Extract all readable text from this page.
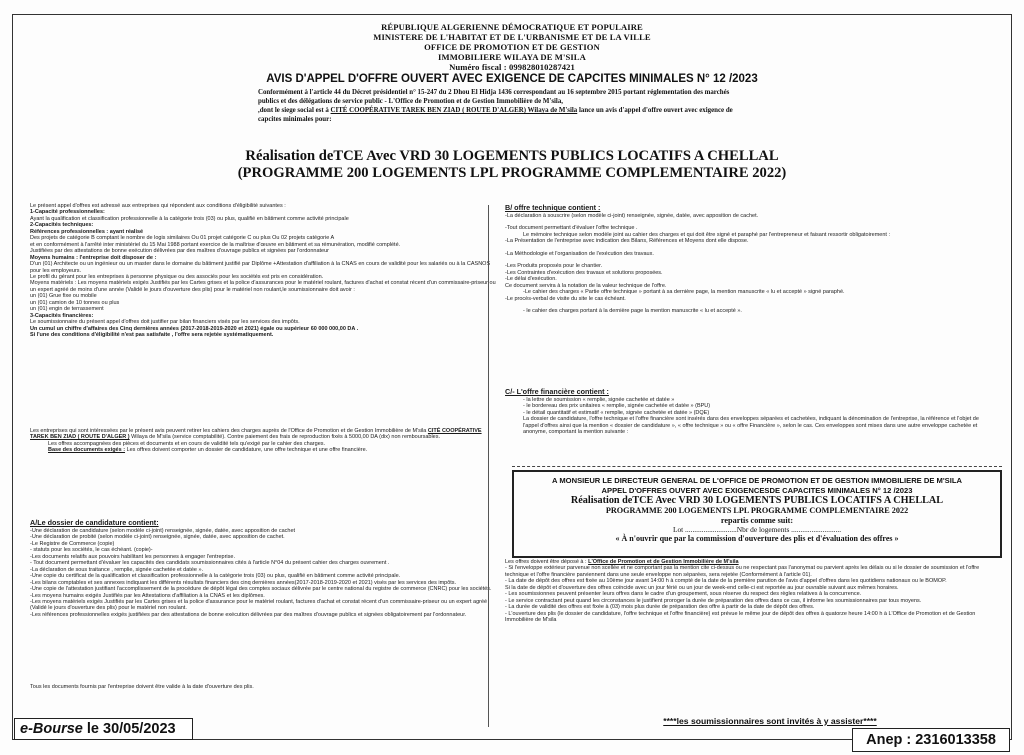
RÉPUBLIQUE ALGERIENNE DÉMOCRATIQUE ET POPULAIRE
MINISTERE DE L'HABITAT ET DE L'URBANISME ET DE LA VILLE
OFFICE DE PROMOTION ET DE GESTION
IMMOBILIERE WILAYA DE M'SILA
Numéro fiscal : 099828010287421
AVIS D'APPEL D'OFFRE OUVERT AVEC EXIGENCE DE CAPCITES MINIMALES N° 12 /2023
Conformément à l'article 44 du Décret présidentiel n° 15-247 du 2 Dhou El Hidja 1436 correspondant au 16 septembre 2015 portant réglementation des marchés publics et des délégations de service public - L'Office de Promotion et de Gestion Immobilière de M'sila,
,dont le siege social est à CITÉ COOPÉRATIVE TAREK BEN ZIAD ( ROUTE D'ALGER) Wilaya de M'sila lance un avis d'appel d'offre ouvert avec exigence de capcites minimales pour:
Réalisation deTCE Avec VRD 30 LOGEMENTS PUBLICS LOCATIFS A CHELLAL
(PROGRAMME 200 LOGEMENTS LPL PROGRAMME COMPLEMENTAIRE 2022)
Le présent appel d'offres est adressé aux entreprises qui répondent aux conditions d'éligibilité suivantes :
1-Capacité professionnelles:
Ayant la qualification et classification professionnelle à la catégorie trois (03) ou plus, qualifié en bâtiment comme activité principale
2-Capacités techniques:
Références professionnelles : ayant réalisé
Des projets de catégorie B comptant le nombre de logis similaires Ou 01 projet catégorie C ou plus Ou 02 projets catégorie A
et en conformément à l'arrêté inter ministériel du 15 Mai 1988 portant exercice de la maîtrise d'œuvre en bâtiment et sa rémunération, modifié complété.
Justifiées par des attestations de bonne exécution délivrées par des maîtres d'ouvrage publics et signées par l'ordonnateur
Moyens humains : l'entreprise doit disposer de :
D'un (01) Architecte ou un ingénieur ou un master dans le domaine du bâtiment justifié par Diplôme +Attestation d'affiliation à la CNAS en cours de validité pour les salariés ou à la CASNOS pour les employeurs.
Le profil du gérant pour les entreprises à personne physique ou des associés pour les sociétés est pris en considération.
Moyens matériels : Les moyens matériels exigés Justifiés par les Cartes grises et la police d'assurances pour le matériel roulant, factures d'achat et constat récent d'un commissaire-priseur ou un expert agréé de moins d'une année (Validé le jours d'ouverture des plis) pour le matériel non roulant,le soumissionnaire doit avoir :
un (01) Grue fixe ou mobile
un (01) camion de 10 tonnes ou plus
un (01) engin de terrassement
3-Capacités financières:
Le soumissionnaire du présent appel d'offres doit justifier par bilan financiers visés par les services des impôts.
Un cumul un chiffre d'affaires des Cinq dernières années (2017-2018-2019-2020 et 2021) égale ou supérieur 60 000 000,00 DA .
Si l'une des conditions d'éligibilité n'est pas satisfaite , l'offre sera rejetée systématiquement.
Les entreprises qui sont intéressées par le présent avis peuvent retirer les cahiers des charges auprès de l'Office de Promotion et de Gestion Immobilière de M'sila CITÉ COOPÉRATIVE TAREK BEN ZIAD ( ROUTE D'ALGER ) Wilaya de M'sila (service comptabilité). Contre paiement des frais de reproduction fixés à 5000,00 DA (dix) non remboursables.
Les offres accompagnées des pièces et documents et en cours de validité tels qu'exigé par le cahier des charges.
Base des documents exigés : Les offres doivent comporter un dossier de candidature, une offre technique et une offre financière.
A/Le dossier de candidature contient:
-Une déclaration de candidature (selon modèle ci-joint) renseignée, signée, datée, avec apposition de cachet
-Une déclaration de probité (selon modèle ci-joint) renseignée, signée, datée, avec apposition de cachet.
-Le Registre de Commerce (copie)
- statuts pour les sociétés, le cas échéant. (copie)-
-Les documents relatifs aux pouvoirs habilitant les personnes à engager l'entreprise.
- Tout document permettant d'évaluer les capacités des candidats soumissionnaires cités à l'article N°04 du présent cahier des charges ouvrement .
-La déclaration de sous traitance , remplie, signée cachetée et datée ».
-Une copie du certificat de la qualification et classification professionnelle à la catégorie trois (03) ou plus, qualifié en bâtiment comme activité principale.
-Les bilans comptables et ses annexes indiquant les différents résultats financiers des cinq dernières années(2017-2018-2019-2020 et 2021) visés par les services des impôts.
-Une copie de l'attestation justifiant l'accomplissement de la procédure de dépôt légal des comptes sociaux délivrée par le centre national du registre de commerce (CNRC) pour les sociétés.
-Les moyens humains exigés Justifiés par les Attestations d'affiliation à la CNAS et les diplômes.
-Les moyens matériels exigés Justifiés par les Cartes grises et la police d'assurance pour le matériel roulant, factures d'achat et constat récent d'un commissaire-priseur ou un expert agréé (Validé le jours d'ouverture des plis) pour le matériel non roulant.
-Les références professionnelles exigés justifiées par des attestations de bonne exécution délivrées par des maîtres d'ouvrage publics et signées obligatoirement par l'ordonnateur.
Tous les documents fournis par l'entreprise doivent être valide à la date d'ouverture des plis.
B/ offre technique contient :
-La déclaration à souscrire (selon modèle ci-joint) renseignée, signée, datée, avec apposition de cachet.
-Tout document permettant d'évaluer l'offre technique .
Le mémoire technique selon modèle joint au cahier des charges et qui doit être signé et paraphé par l'entrepreneur et faisant ressortir obligatoirement :
-La Présentation de l'entreprise avec indication des Bilans, Références et Moyens dont elle dispose.
-La Méthodologie et l'organisation de l'exécution des travaux.
-Les Produits proposés pour le chantier.
-Les Contraintes d'exécution des travaux et solutions proposées.
-Le délai d'exécution.
Ce document servira à la notation de la valeur technique de l'offre.
-Le cahier des charges « Partie offre technique » portant à sa dernière page, la mention manuscrite « lu et accepté » signé paraphé.
-Le procès-verbal de visite du site le cas échéant.
- le cahier des charges portant à la dernière page la mention manuscrite « lu et accepté ».
C/- L'offre financière contient :
- la lettre de soumission « remplie, signée cachetée et datée »
- le bordereau des prix unitaires « remplie, signée cachetée et datée » (BPU)
- le détail quantitatif et estimatif « remplie, signée cachetée et datée » (DQE)
La dossier de candidature, l'offre technique et l'offre financière sont insérés dans des enveloppes séparées et cachetées, indiquant la dénomination de l'entreprise, la référence et l'objet de l'appel d'offres ainsi que la mention « dossier de candidature », « offre technique » ou « offre Financière », selon le cas. Ces enveloppes sont mises dans une autre enveloppe cachetée et anonyme, comportant la mention suivante :
A MONSIEUR LE DIRECTEUR GENERAL DE L'OFFICE DE PROMOTION ET DE GESTION IMMOBILIERE DE M'SILA
APPEL D'OFFRES OUVERT AVEC EXIGENCESDE CAPACITES MINIMALES N° 12 /2023
Réalisation deTCE Avec VRD 30 LOGEMENTS PUBLICS LOCATIFS A CHELLAL
PROGRAMME 200 LOGEMENTS LPL PROGRAMME COMPLEMENTAIRE 2022
repartis comme suit:
Lot ............................Nbr de logements ...........................
« À n'ouvrir que par la commission d'ouverture des plis et d'évaluation des offres »
Les offres doivent être déposé à : L'Office de Promotion et de Gestion Immobilière de M'sila
- Si l'enveloppe extérieur parvenue non scellée et ne comportant pas la mention cite ci-dessus ou ne respectant pas l'anonymat ou parvient après les délais ou si le dossier de soumission et l'offre technique et l'offre financière parviennent dans une seule enveloppe non séparées, sera rejetée (Conformément à l'article 01).
- La date de dépôt des offres est fixée au 10ème jour avant 14:00 h à compté de la date de la première parution de l'avis d'appel d'offres dans les quotidiens nationaux ou le BOMOP.
Si la date de dépôt et d'ouverture des offres coïncide avec un jour férié ou un jour de week-end celle-ci est reportée au jour ouvrable suivant aux mêmes horaires.
- Les soumissionnes peuvent présenter leurs offres dans le cadre d'un groupement, sous réserve du respect des règles relatives à la concurrence.
- Le service contractant peut quand les circonstances le justifient proroger la durée de préparation des offres dans ce cas, il informe les soumissionnaires par tous moyens.
- La durée de validité des offres est fixée à (03) mois plus durée de préparation des offre à partir de la date de dépôt des offres.
- L'ouverture des plis (le dossier de candidature, l'offre technique et l'offre financière) est prévue le même jour de dépôt des offres à quatorze heure 14:00 h à L'Office de Promotion et de Gestion Immobilière de M'sila
****les soumissionnaires sont invités à y assister****
e-Bourse le 30/05/2023
Anep : 2316013358
